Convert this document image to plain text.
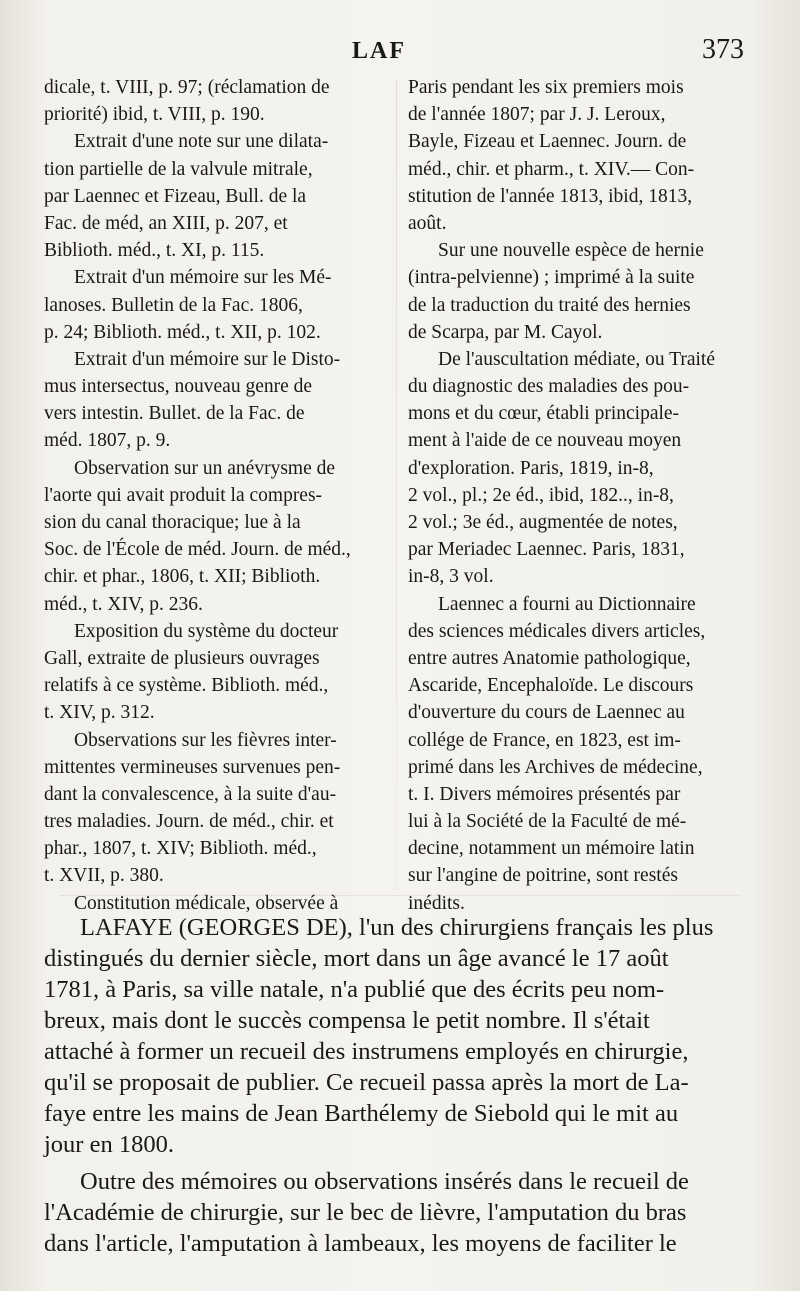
LAF	373
dicale, t. VIII, p. 97; (réclamation de
priorité) ibid, t. VIII, p. 190.
Extrait d'une note sur une dilata-
tion partielle de la valvule mitrale,
par Laennec et Fizeau, Bull. de la
Fac. de méd, an XIII, p. 207, et
Biblioth. méd., t. XI, p. 115.
Extrait d'un mémoire sur les Mé-
lanoses. Bulletin de la Fac. 1806,
p. 24; Biblioth. méd., t. XII, p. 102.
Extrait d'un mémoire sur le Disto-
mus intersectus, nouveau genre de
vers intestin. Bullet. de la Fac. de
méd. 1807, p. 9.
Observation sur un anévrysme de
l'aorte qui avait produit la compres-
sion du canal thoracique; lue à la
Soc. de l'École de méd. Journ. de méd.,
chir. et phar., 1806, t. XII; Biblioth.
méd., t. XIV, p. 236.
Exposition du système du docteur
Gall, extraite de plusieurs ouvrages
relatifs à ce système. Biblioth. méd.,
t. XIV, p. 312.
Observations sur les fièvres inter-
mittentes vermineuses survenues pen-
dant la convalescence, à la suite d'au-
tres maladies. Journ. de méd., chir. et
phar., 1807, t. XIV; Biblioth. méd.,
t. XVII, p. 380.
Constitution médicale, observée à
Paris pendant les six premiers mois
de l'année 1807; par J. J. Leroux,
Bayle, Fizeau et Laennec. Journ. de
méd., chir. et pharm., t. XIV.— Con-
stitution de l'année 1813, ibid, 1813,
août.
Sur une nouvelle espèce de hernie
(intra-pelvienne) ; imprimé à la suite
de la traduction du traité des hernies
de Scarpa, par M. Cayol.
De l'auscultation médiate, ou Traité
du diagnostic des maladies des pou-
mons et du cœur, établi principale-
ment à l'aide de ce nouveau moyen
d'exploration. Paris, 1819, in-8,
2 vol., pl.; 2e éd., ibid, 182.., in-8,
2 vol.; 3e éd., augmentée de notes,
par Meriadec Laennec. Paris, 1831,
in-8, 3 vol.
Laennec a fourni au Dictionnaire
des sciences médicales divers articles,
entre autres Anatomie pathologique,
Ascaride, Encephaloïde. Le discours
d'ouverture du cours de Laennec au
collége de France, en 1823, est im-
primé dans les Archives de médecine,
t. I. Divers mémoires présentés par
lui à la Société de la Faculté de mé-
decine, notamment un mémoire latin
sur l'angine de poitrine, sont restés
inédits.
LAFAYE (GEORGES DE), l'un des chirurgiens français les plus
distingués du dernier siècle, mort dans un âge avancé le 17 août
1781, à Paris, sa ville natale, n'a publié que des écrits peu nom-
breux, mais dont le succès compensa le petit nombre. Il s'était
attaché à former un recueil des instrumens employés en chirurgie,
qu'il se proposait de publier. Ce recueil passa après la mort de La-
faye entre les mains de Jean Barthélemy de Siebold qui le mit au
jour en 1800.
Outre des mémoires ou observations insérés dans le recueil de
l'Académie de chirurgie, sur le bec de lièvre, l'amputation du bras
dans l'article, l'amputation à lambeaux, les moyens de faciliter le
